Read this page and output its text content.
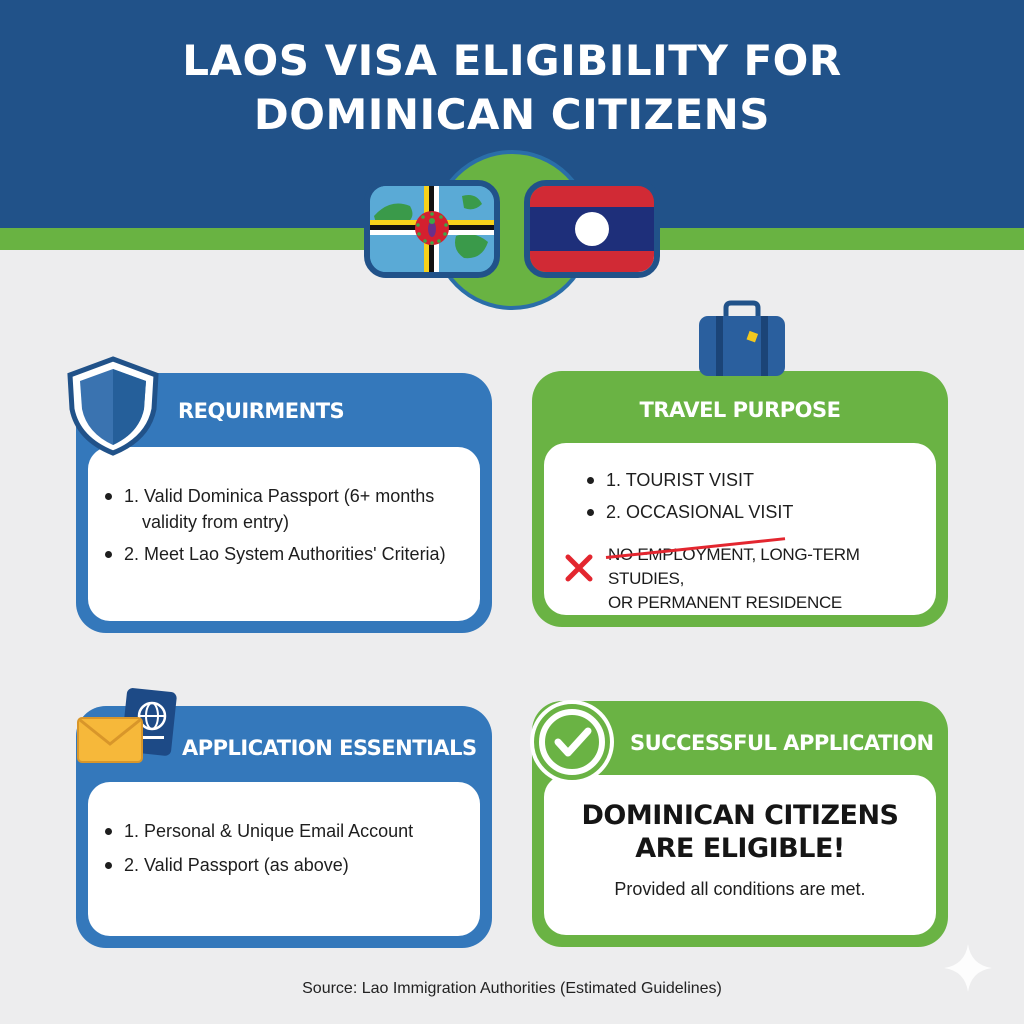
LAOS VISA ELIGIBILITY FOR
DOMINICAN CITIZENS
REQUIRMENTS
1. Valid Dominica Passport (6+ months
validity from entry)
2. Meet Lao System Authorities' Criteria)
TRAVEL PURPOSE
1. TOURIST VISIT
2. OCCASIONAL VISIT
NO EMPLOYMENT, LONG-TERM STUDIES,
OR PERMANENT RESIDENCE
APPLICATION ESSENTIALS
1. Personal & Unique Email Account
2. Valid Passport (as above)
SUCCESSFUL APPLICATION
DOMINICAN CITIZENS
ARE ELIGIBLE!
Provided all conditions are met.
Source: Lao Immigration Authorities (Estimated Guidelines)
